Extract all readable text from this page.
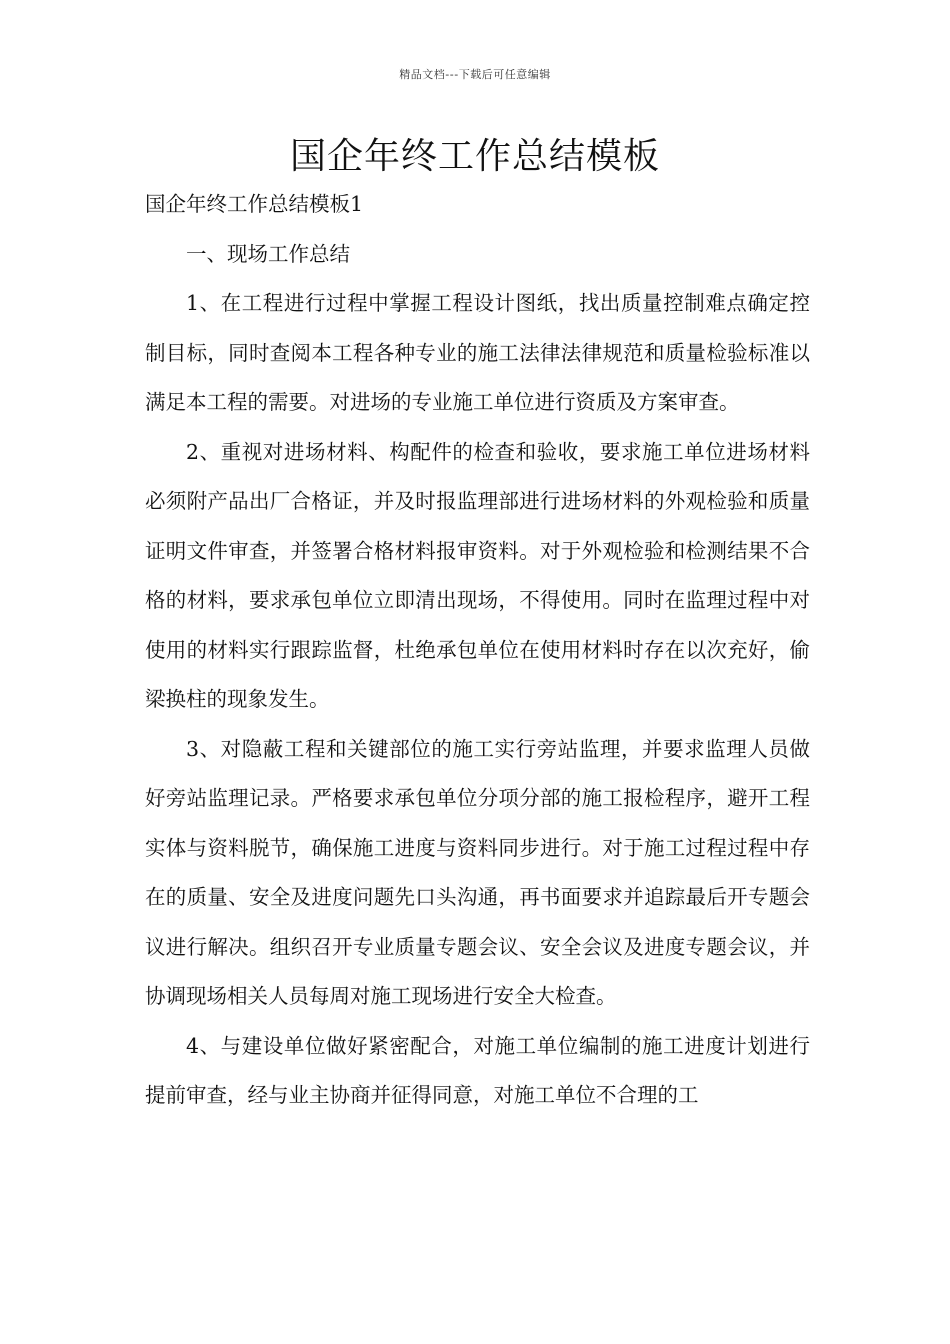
精品文档---下载后可任意编辑
国企年终工作总结模板

国企年终工作总结模板1

一、现场工作总结

1、在工程进行过程中掌握工程设计图纸，找出质量控制难点确定控制目标，同时查阅本工程各种专业的施工法律法律规范和质量检验标准以满足本工程的需要。对进场的专业施工单位进行资质及方案审查。

2、重视对进场材料、构配件的检查和验收，要求施工单位进场材料必须附产品出厂合格证，并及时报监理部进行进场材料的外观检验和质量证明文件审查，并签署合格材料报审资料。对于外观检验和检测结果不合格的材料，要求承包单位立即清出现场，不得使用。同时在监理过程中对使用的材料实行跟踪监督，杜绝承包单位在使用材料时存在以次充好，偷梁换柱的现象发生。

3、对隐蔽工程和关键部位的施工实行旁站监理，并要求监理人员做好旁站监理记录。严格要求承包单位分项分部的施工报检程序，避开工程实体与资料脱节，确保施工进度与资料同步进行。对于施工过程过程中存在的质量、安全及进度问题先口头沟通，再书面要求并追踪最后开专题会议进行解决。组织召开专业质量专题会议、安全会议及进度专题会议，并协调现场相关人员每周对施工现场进行安全大检查。

4、与建设单位做好紧密配合，对施工单位编制的施工进度计划进行提前审查，经与业主协商并征得同意，对施工单位不合理的工
